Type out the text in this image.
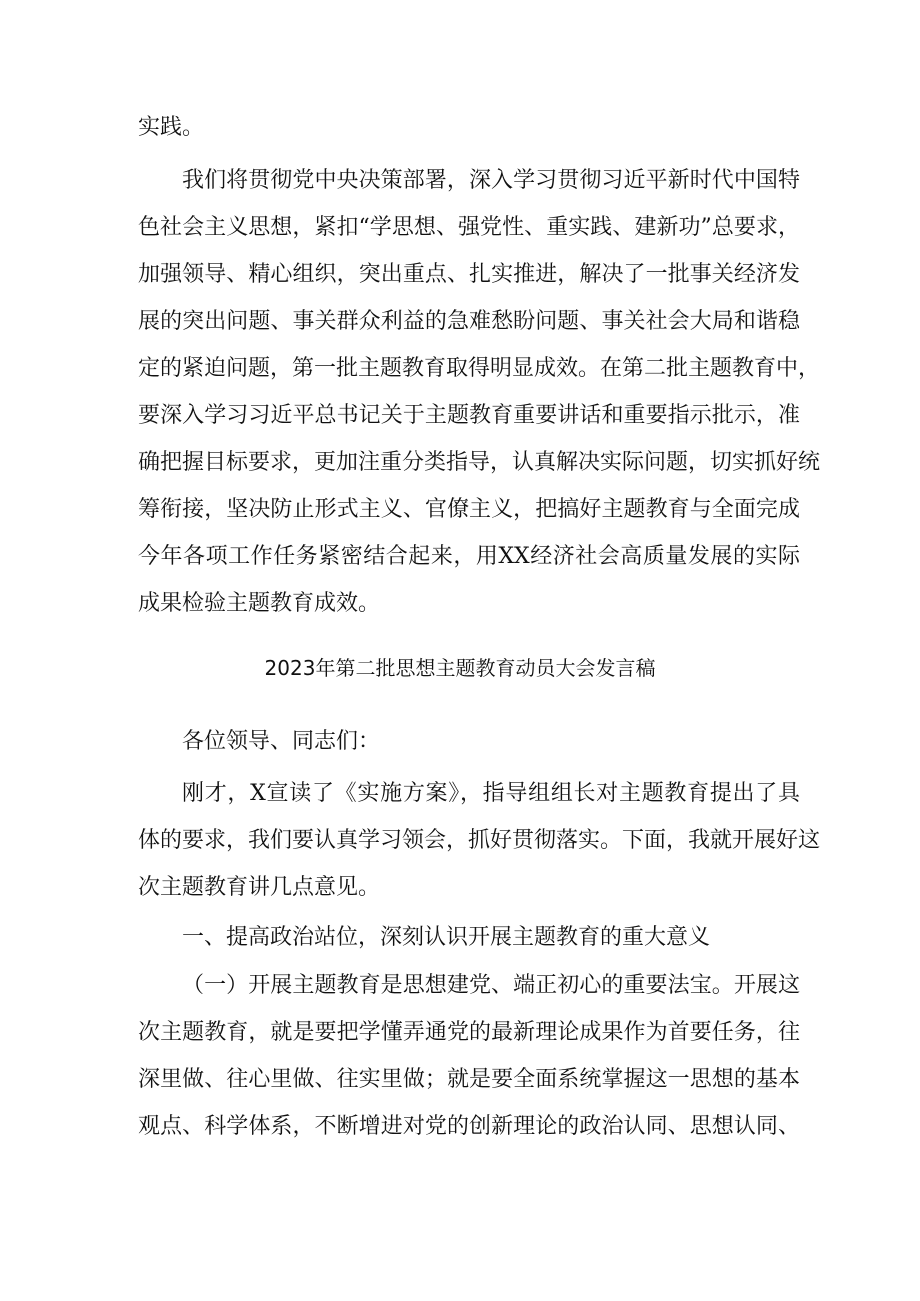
实践。
我们将贯彻党中央决策部署，深入学习贯彻习近平新时代中国特
色社会主义思想，紧扣“学思想、强党性、重实践、建新功”总要求，
加强领导、精心组织，突出重点、扎实推进，解决了一批事关经济发
展的突出问题、事关群众利益的急难愁盼问题、事关社会大局和谐稳
定的紧迫问题，第一批主题教育取得明显成效。在第二批主题教育中，
要深入学习习近平总书记关于主题教育重要讲话和重要指示批示，准
确把握目标要求，更加注重分类指导，认真解决实际问题，切实抓好统
筹衔接，坚决防止形式主义、官僚主义，把搞好主题教育与全面完成
今年各项工作任务紧密结合起来，用XX经济社会高质量发展的实际
成果检验主题教育成效。
2023年第二批思想主题教育动员大会发言稿
各位领导、同志们：
刚才，X宣读了《实施方案》，指导组组长对主题教育提出了具
体的要求，我们要认真学习领会，抓好贯彻落实。下面，我就开展好这
次主题教育讲几点意见。
一、提高政治站位，深刻认识开展主题教育的重大意义
（一）开展主题教育是思想建党、端正初心的重要法宝。开展这
次主题教育，就是要把学懂弄通党的最新理论成果作为首要任务，往
深里做、往心里做、往实里做；就是要全面系统掌握这一思想的基本
观点、科学体系，不断增进对党的创新理论的政治认同、思想认同、
